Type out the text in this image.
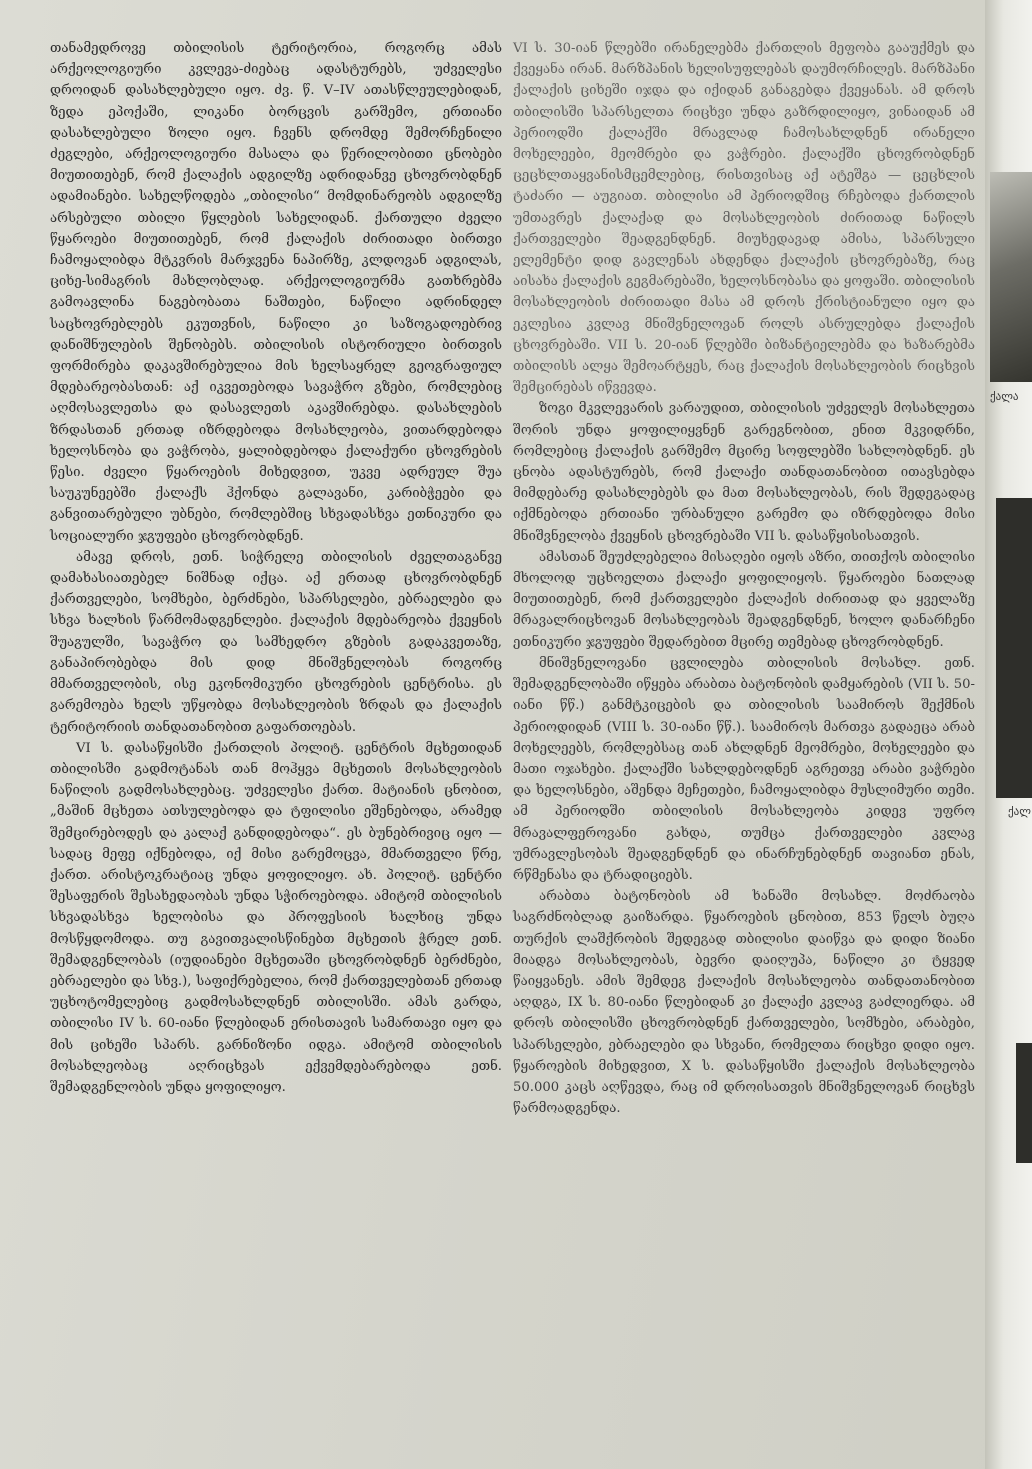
თანამედროვე თბილისის ტერიტორია, როგორც ამას არქეოლოგიური კვლევა-ძიებაც ადასტურებს, უძველესი დროიდან დასახლებული იყო. ძვ. წ. V–IV ათასწლეულებიდან, ზედა ეპოქაში, ლიკანი ბორცვის გარშემო, ერთიანი დასახლებული ზოლი იყო. ჩვენს დრომდე შემორჩენილი ძეგლები, არქეოლოგიური მასალა და წერილობითი ცნობები მიუთითებენ, რომ ქალაქის ადგილზე ადრიდანვე ცხოვრობდნენ ადამიანები. სახელწოდება „თბილისი“ მომდინარეობს ადგილზე არსებული თბილი წყლების სახელიდან. ქართული ძველი წყაროები მიუთითებენ, რომ ქალაქის ძირითადი ბირთვი ჩამოყალიბდა მტკვრის მარჯვენა ნაპირზე, კლდოვან ადგილას, ციხე-სიმაგრის მახლობლად. არქეოლოგიურმა გათხრებმა გამოავლინა ნაგებობათა ნაშთები, ნაწილი ადრინდელ საცხოვრებლებს ეკუთვნის, ნაწილი კი საზოგადოებრივ დანიშნულების შენობებს. თბილისის ისტორიული ბირთვის ფორმირება დაკავშირებულია მის ხელსაყრელ გეოგრაფიულ მდებარეობასთან: აქ იკვეთებოდა სავაჭრო გზები, რომლებიც აღმოსავლეთსა და დასავლეთს აკავშირებდა. დასახლების ზრდასთან ერთად იზრდებოდა მოსახლეობა, ვითარდებოდა ხელოსნობა და ვაჭრობა, ყალიბდებოდა ქალაქური ცხოვრების წესი. ძველი წყაროების მიხედვით, უკვე ადრეულ შუა საუკუნეებში ქალაქს ჰქონდა გალავანი, კარიბჭეები და განვითარებული უბნები, რომლებშიც სხვადასხვა ეთნიკური და სოციალური ჯგუფები ცხოვრობდნენ.

ამავე დროს, ეთნ. სიჭრელე თბილისის ძველთაგანვე დამახასიათებელ ნიშნად იქცა. აქ ერთად ცხოვრობდნენ ქართველები, სომხები, ბერძნები, სპარსელები, ებრაელები და სხვა ხალხის წარმომადგენლები. ქალაქის მდებარეობა ქვეყნის შუაგულში, სავაჭრო და სამხედრო გზების გადაკვეთაზე, განაპირობებდა მის დიდ მნიშვნელობას როგორც მმართველობის, ისე ეკონომიკური ცხოვრების ცენტრისა. ეს გარემოება ხელს უწყობდა მოსახლეობის ზრდას და ქალაქის ტერიტორიის თანდათანობით გაფართოებას.

VI ს. დასაწყისში ქართლის პოლიტ. ცენტრის მცხეთიდან თბილისში გადმოტანას თან მოჰყვა მცხეთის მოსახლეობის ნაწილის გადმოსახლებაც. უძველესი ქართ. მატიანის ცნობით, „მაშინ მცხეთა ათსულებოდა და ტფილისი ეშენებოდა, არამედ შემცირებოდეს და კალაქ განდიდებოდა“. ეს ბუნებრივიც იყო — სადაც მეფე იქნებოდა, იქ მისი გარემოცვა, მმართველი წრე, ქართ. არისტოკრატიაც უნდა ყოფილიყო. ახ. პოლიტ. ცენტრი შესაფერის შესახედაობას უნდა სჭიროებოდა. ამიტომ თბილისის სხვადასხვა ხელობისა და პროფესიის ხალხიც უნდა მოსწყდომოდა. თუ გავითვალისწინებთ მცხეთის ჭრელ ეთნ. შემადგენლობას (იუდიანები მცხეთაში ცხოვრობდნენ ბერძნები, ებრაელები და სხვ.), საფიქრებელია, რომ ქართველებთან ერთად უცხოტომელებიც გადმოსახლდნენ თბილისში. ამას გარდა, თბილისი IV ს. 60-იანი წლებიდან ერისთავის სამართავი იყო და მის ციხეში სპარს. გარნიზონი იდგა. ამიტომ თბილისის მოსახლეობაც აღრიცხვას ექვემდებარებოდა ეთნ. შემადგენლობის უნდა ყოფილიყო.

VI ს. 30-იან წლებში ირანელებმა ქართლის მეფობა გააუქმეს და ქვეყანა ირან. მარზპანის ხელისუფლებას დაუმორჩილეს. მარზპანი ქალაქის ციხეში იჯდა და იქიდან განაგებდა ქვეყანას. ამ დროს თბილისში სპარსელთა რიცხვი უნდა გაზრდილიყო, ვინაიდან ამ პერიოდში ქალაქში მრავლად ჩამოსახლდნენ ირანელი მოხელეები, მეომრები და ვაჭრები. ქალაქში ცხოვრობდნენ ცეცხლთაყვანისმცემლებიც, რისთვისაც აქ ატეშგა — ცეცხლის ტაძარი — აუგიათ. თბილისი ამ პერიოდშიც რჩებოდა ქართლის უმთავრეს ქალაქად და მოსახლეობის ძირითად ნაწილს ქართველები შეადგენდნენ. მიუხედავად ამისა, სპარსული ელემენტი დიდ გავლენას ახდენდა ქალაქის ცხოვრებაზე, რაც აისახა ქალაქის გეგმარებაში, ხელოსნობასა და ყოფაში. თბილისის მოსახლეობის ძირითადი მასა ამ დროს ქრისტიანული იყო და ეკლესია კვლავ მნიშვნელოვან როლს ასრულებდა ქალაქის ცხოვრებაში. VII ს. 20-იან წლებში ბიზანტიელებმა და ხაზარებმა თბილისს ალყა შემოარტყეს, რაც ქალაქის მოსახლეობის რიცხვის შემცირებას იწვევდა.

ზოგი მკვლევარის ვარაუდით, თბილისის უძველეს მოსახლეთა შორის უნდა ყოფილიყვნენ გარეგნობით, ენით მკვიდრნი, რომლებიც ქალაქის გარშემო მცირე სოფლებში სახლობდნენ. ეს ცნობა ადასტურებს, რომ ქალაქი თანდათანობით ითავსებდა მიმდებარე დასახლებებს და მათ მოსახლეობას, რის შედეგადაც იქმნებოდა ერთიანი ურბანული გარემო და იზრდებოდა მისი მნიშვნელობა ქვეყნის ცხოვრებაში VII ს. დასაწყისისათვის.

ამასთან შეუძლებელია მისაღები იყოს აზრი, თითქოს თბილისი მხოლოდ უცხოელთა ქალაქი ყოფილიყოს. წყაროები ნათლად მიუთითებენ, რომ ქართველები ქალაქის ძირითად და ყველაზე მრავალრიცხოვან მოსახლეობას შეადგენდნენ, ხოლო დანარჩენი ეთნიკური ჯგუფები შედარებით მცირე თემებად ცხოვრობდნენ.

მნიშვნელოვანი ცვლილება თბილისის მოსახლ. ეთნ. შემადგენლობაში იწყება არაბთა ბატონობის დამყარების (VII ს. 50-იანი წწ.) განმტკიცების და თბილისის საამიროს შექმნის პერიოდიდან (VIII ს. 30-იანი წწ.). საამიროს მართვა გადაეცა არაბ მოხელეებს, რომლებსაც თან ახლდნენ მეომრები, მოხელეები და მათი ოჯახები. ქალაქში სახლდებოდნენ აგრეთვე არაბი ვაჭრები და ხელოსნები, აშენდა მეჩეთები, ჩამოყალიბდა მუსლიმური თემი. ამ პერიოდში თბილისის მოსახლეობა კიდევ უფრო მრავალფეროვანი გახდა, თუმცა ქართველები კვლავ უმრავლესობას შეადგენდნენ და ინარჩუნებდნენ თავიანთ ენას, რწმენასა და ტრადიციებს.

არაბთა ბატონობის ამ ხანაში მოსახლ. მოძრაობა საგრძნობლად გაიზარდა. წყაროების ცნობით, 853 წელს ბუღა თურქის ლაშქრობის შედეგად თბილისი დაიწვა და დიდი ზიანი მიადგა მოსახლეობას, ბევრი დაიღუპა, ნაწილი კი ტყვედ წაიყვანეს. ამის შემდეგ ქალაქის მოსახლეობა თანდათანობით აღდგა, IX ს. 80-იანი წლებიდან კი ქალაქი კვლავ გაძლიერდა. ამ დროს თბილისში ცხოვრობდნენ ქართველები, სომხები, არაბები, სპარსელები, ებრაელები და სხვანი, რომელთა რიცხვი დიდი იყო. წყაროების მიხედვით, X ს. დასაწყისში ქალაქის მოსახლეობა 50.000 კაცს აღწევდა, რაც იმ დროისათვის მნიშვნელოვან რიცხვს წარმოადგენდა.

ქალა
ქალ
